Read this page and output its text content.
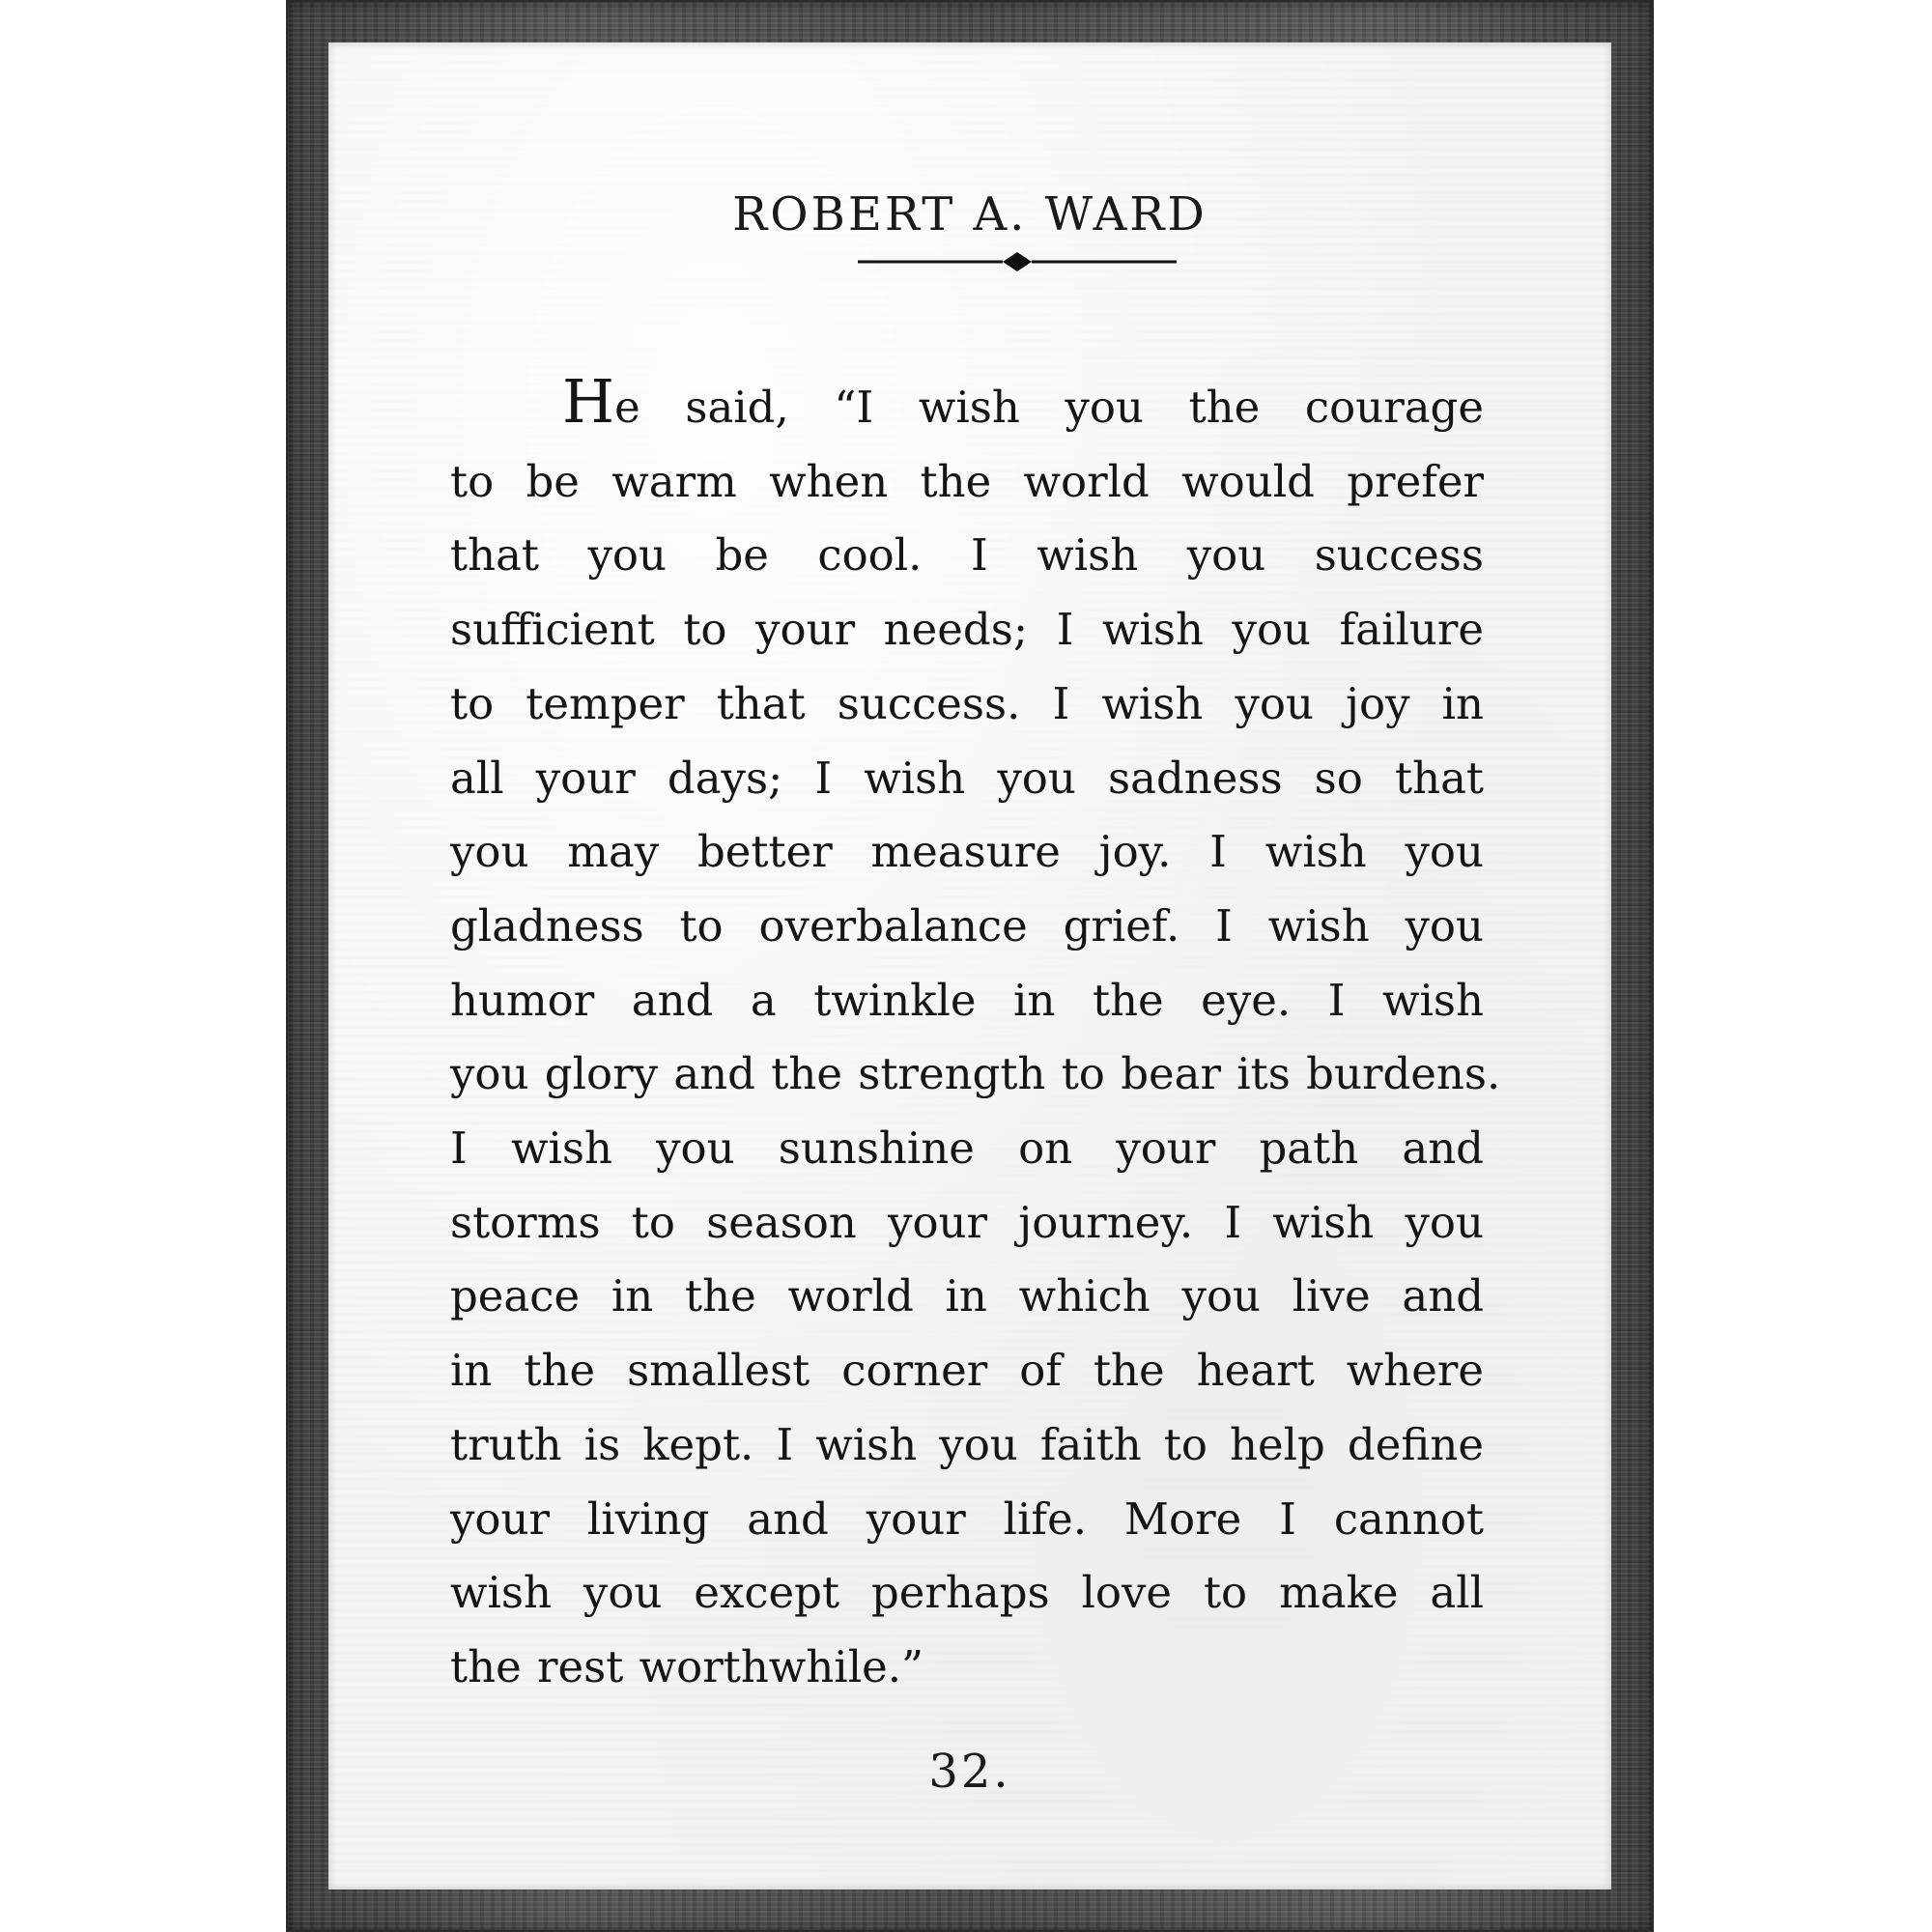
ROBERT A. WARD
He said, “I wish you the courage
to be warm when the world would prefer
that you be cool. I wish you success
sufficient to your needs; I wish you failure
to temper that success. I wish you joy in
all your days; I wish you sadness so that
you may better measure joy. I wish you
gladness to overbalance grief. I wish you
humor and a twinkle in the eye. I wish
you glory and the strength to bear its burdens.
I wish you sunshine on your path and
storms to season your journey. I wish you
peace in the world in which you live and
in the smallest corner of the heart where
truth is kept. I wish you faith to help define
your living and your life. More I cannot
wish you except perhaps love to make all
the rest worthwhile.”
32.
